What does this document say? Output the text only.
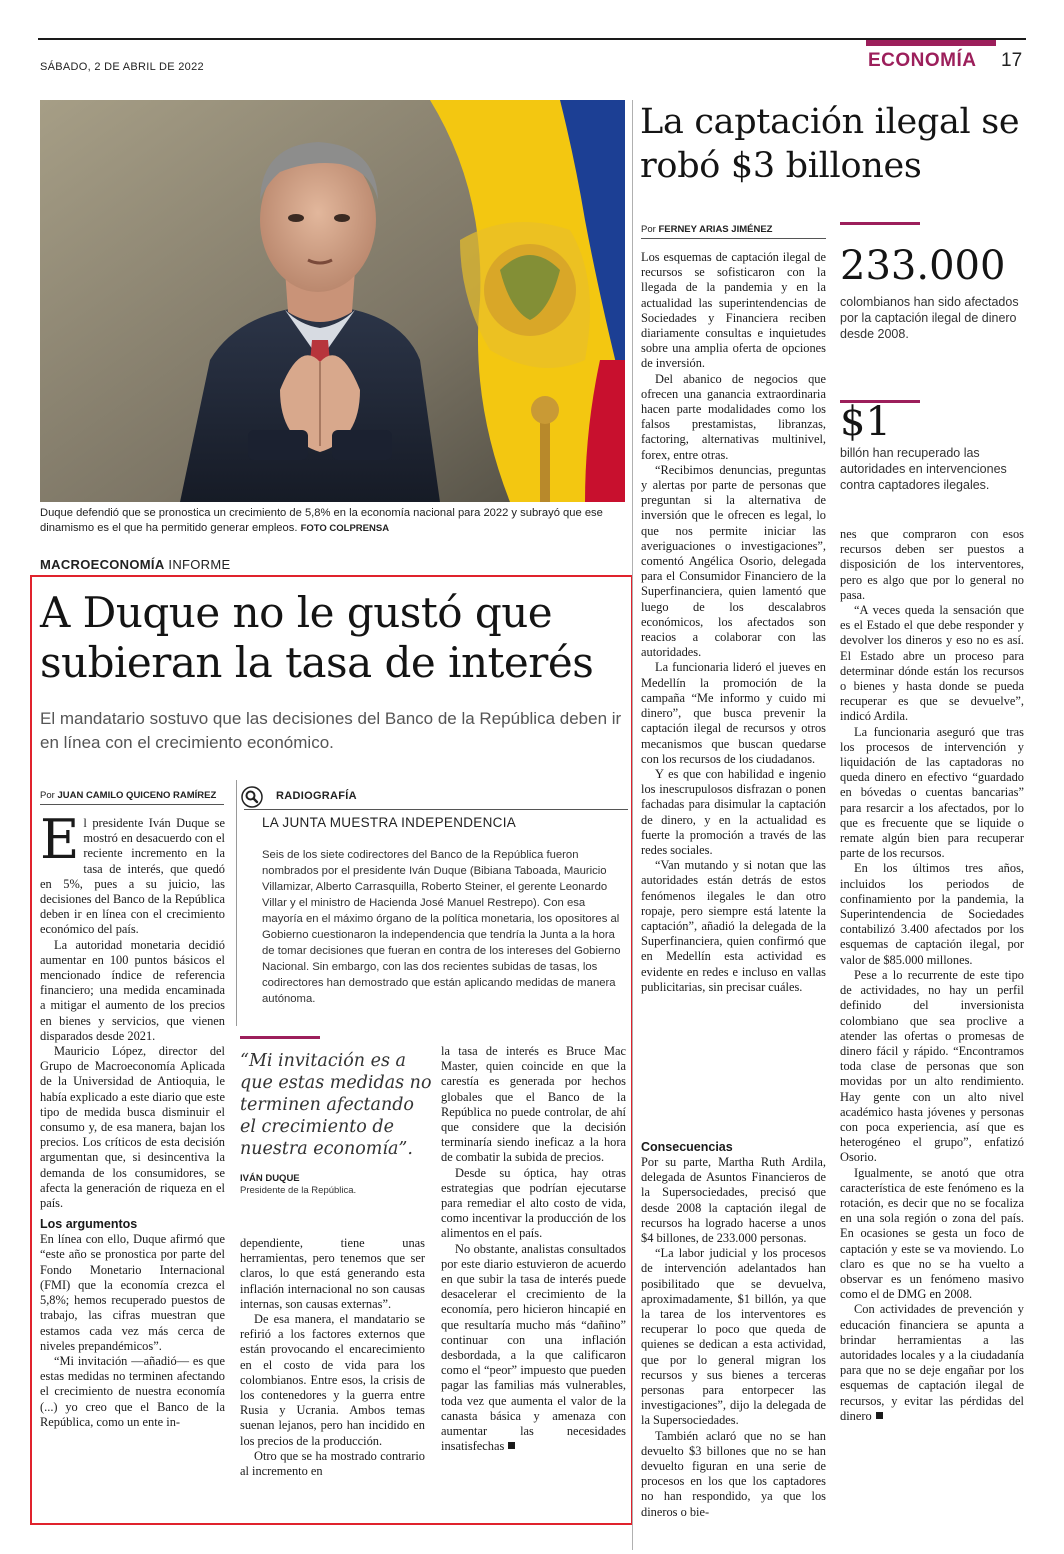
SÁBADO, 2 DE ABRIL DE 2022	ECONOMÍA 17
Duque defendió que se pronostica un crecimiento de 5,8% en la economía nacional para 2022 y subrayó que ese dinamismo es el que ha permitido generar empleos. FOTO COLPRENSA
MACROECONOMÍA INFORME
A Duque no le gustó que subieran la tasa de interés
El mandatario sostuvo que las decisiones del Banco de la República deben ir en línea con el crecimiento económico.
Por JUAN CAMILO QUICENO RAMÍREZ

El presidente Iván Duque se mostró en desacuerdo con el reciente incremento en la tasa de interés, que quedó en 5%, pues a su juicio, las decisiones del Banco de la República deben ir en línea con el crecimiento económico del país.

La autoridad monetaria decidió aumentar en 100 puntos básicos el mencionado índice de referencia financiero; una medida encaminada a mitigar el aumento de los precios en bienes y servicios, que vienen disparados desde 2021.

Mauricio López, director del Grupo de Macroeconomía Aplicada de la Universidad de Antioquia, le había explicado a este diario que este tipo de medida busca disminuir el consumo y, de esa manera, bajan los precios. Los críticos de esta decisión argumentan que, si desincentiva la demanda de los consumidores, se afecta la generación de riqueza en el país.

Los argumentos

En línea con ello, Duque afirmó que “este año se pronostica por parte del Fondo Monetario Internacional (FMI) que la economía crezca el 5,8%; hemos recuperado puestos de trabajo, las cifras muestran que estamos cada vez más cerca de niveles prepandémicos”.

“Mi invitación —añadió— es que estas medidas no terminen afectando el crecimiento de nuestra economía (...) yo creo que el Banco de la República, como un ente in-

RADIOGRAFÍA
LA JUNTA MUESTRA INDEPENDENCIA
Seis de los siete codirectores del Banco de la República fueron nombrados por el presidente Iván Duque (Bibiana Taboada, Mauricio Villamizar, Alberto Carrasquilla, Roberto Steiner, el gerente Leonardo Villar y el ministro de Hacienda José Manuel Restrepo). Con esa mayoría en el máximo órgano de la política monetaria, los opositores al Gobierno cuestionaron la independencia que tendría la Junta a la hora de tomar decisiones que fueran en contra de los intereses del Gobierno Nacional. Sin embargo, con las dos recientes subidas de tasas, los codirectores han demostrado que están aplicando medidas de manera autónoma.
“Mi invitación es a que estas medidas no terminen afectando el crecimiento de nuestra economía”.
IVÁN DUQUE
Presidente de la República.

dependiente, tiene unas herramientas, pero tenemos que ser claros, lo que está generando esta inflación internacional no son causas internas, son causas externas”.

De esa manera, el mandatario se refirió a los factores externos que están provocando el encarecimiento en el costo de vida para los colombianos. Entre esos, la crisis de los contenedores y la guerra entre Rusia y Ucrania. Ambos temas suenan lejanos, pero han incidido en los precios de la producción.

Otro que se ha mostrado contrario al incremento en

la tasa de interés es Bruce Mac Master, quien coincide en que la carestía es generada por hechos globales que el Banco de la República no puede controlar, de ahí que considere que la decisión terminaría siendo ineficaz a la hora de combatir la subida de precios.

Desde su óptica, hay otras estrategias que podrían ejecutarse para remediar el alto costo de vida, como incentivar la producción de los alimentos en el país.

No obstante, analistas consultados por este diario estuvieron de acuerdo en que subir la tasa de interés puede desacelerar el crecimiento de la economía, pero hicieron hincapié en que resultaría mucho más “dañino” continuar con una inflación desbordada, a la que calificaron como el “peor” impuesto que pueden pagar las familias más vulnerables, toda vez que aumenta el valor de la canasta básica y amenaza con aumentar las necesidades insatisfechas

La captación ilegal se robó $3 billones
Por FERNEY ARIAS JIMÉNEZ
233.000
colombianos han sido afectados por la captación ilegal de dinero desde 2008.
$1
billón han recuperado las autoridades en intervenciones contra captadores ilegales.

Los esquemas de captación ilegal de recursos se sofisticaron con la llegada de la pandemia y en la actualidad las superintendencias de Sociedades y Financiera reciben diariamente consultas e inquietudes sobre una amplia oferta de opciones de inversión.

Del abanico de negocios que ofrecen una ganancia extraordinaria hacen parte modalidades como los falsos prestamistas, libranzas, factoring, alternativas multinivel, forex, entre otras.

“Recibimos denuncias, preguntas y alertas por parte de personas que preguntan si la alternativa de inversión que le ofrecen es legal, lo que nos permite iniciar las averiguaciones o investigaciones”, comentó Angélica Osorio, delegada para el Consumidor Financiero de la Superfinanciera, quien lamentó que luego de los descalabros económicos, los afectados son reacios a colaborar con las autoridades.

La funcionaria lideró el jueves en Medellín la promoción de la campaña “Me informo y cuido mi dinero”, que busca prevenir la captación ilegal de recursos y otros mecanismos que buscan quedarse con los recursos de los ciudadanos.

Y es que con habilidad e ingenio los inescrupulosos disfrazan o ponen fachadas para disimular la captación de dinero, y en la actualidad es fuerte la promoción a través de las redes sociales.

“Van mutando y si notan que las autoridades están detrás de estos fenómenos ilegales le dan otro ropaje, pero siempre está latente la captación”, añadió la delegada de la Superfinanciera, quien confirmó que en Medellín esta actividad es evidente en redes e incluso en vallas publicitarias, sin precisar cuáles.

Consecuencias

Por su parte, Martha Ruth Ardila, delegada de Asuntos Financieros de la Supersociedades, precisó que desde 2008 la captación ilegal de recursos ha logrado hacerse a unos $4 billones, de 233.000 personas.

“La labor judicial y los procesos de intervención adelantados han posibilitado que se devuelva, aproximadamente, $1 billón, ya que la tarea de los interventores es recuperar lo poco que queda de quienes se dedican a esta actividad, que por lo general migran los recursos y sus bienes a terceras personas para entorpecer las investigaciones”, dijo la delegada de la Supersociedades.

También aclaró que no se han devuelto $3 billones que no se han devuelto figuran en una serie de procesos en los que los captadores no han respondido, ya que los dineros o bie-

nes que compraron con esos recursos deben ser puestos a disposición de los interventores, pero es algo que por lo general no pasa.

“A veces queda la sensación que es el Estado el que debe responder y devolver los dineros y eso no es así. El Estado abre un proceso para determinar dónde están los recursos o bienes y hasta donde se pueda recuperar es que se devuelve”, indicó Ardila.

La funcionaria aseguró que tras los procesos de intervención y liquidación de las captadoras no queda dinero en efectivo “guardado en bóvedas o cuentas bancarias” para resarcir a los afectados, por lo que es frecuente que se liquide o remate algún bien para recuperar parte de los recursos.

En los últimos tres años, incluidos los periodos de confinamiento por la pandemia, la Superintendencia de Sociedades contabilizó 3.400 afectados por los esquemas de captación ilegal, por valor de $85.000 millones.

Pese a lo recurrente de este tipo de actividades, no hay un perfil definido del inversionista colombiano que sea proclive a atender las ofertas o promesas de dinero fácil y rápido. “Encontramos toda clase de personas que son movidas por un alto rendimiento. Hay gente con un alto nivel académico hasta jóvenes y personas con poca experiencia, así que es heterogéneo el grupo”, enfatizó Osorio.

Igualmente, se anotó que otra característica de este fenómeno es la rotación, es decir que no se focaliza en una sola región o zona del país. En ocasiones se gesta un foco de captación y este se va moviendo. Lo claro es que no se ha vuelto a observar es un fenómeno masivo como el de DMG en 2008.

Con actividades de prevención y educación financiera se apunta a brindar herramientas a las autoridades locales y a la ciudadanía para que no se deje engañar por los esquemas de captación ilegal de recursos, y evitar las pérdidas del dinero
